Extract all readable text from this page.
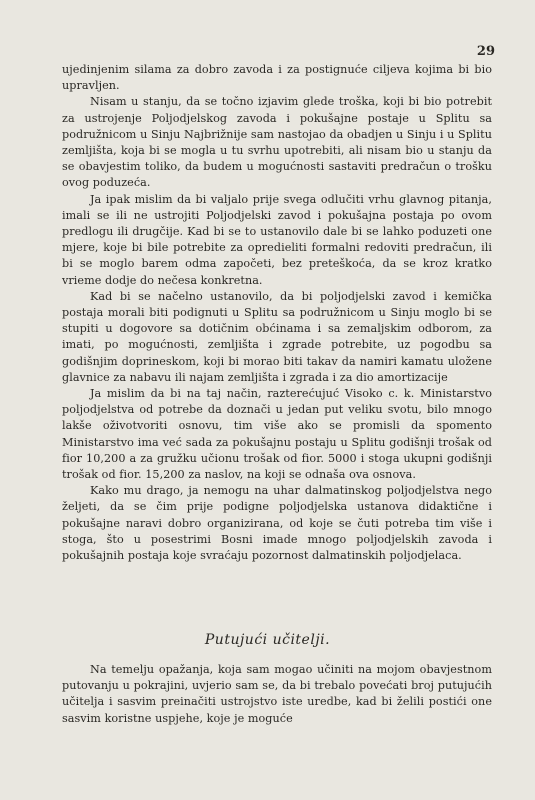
29

ujedinjenim silama za dobro zavoda i za postignuće ciljeva kojima bi bio upravljen.

Nisam u stanju, da se točno izjavim glede troška, koji bi bio potrebit za ustrojenje Poljodjelskog zavoda i pokušajne postaje u Splitu sa podružnicom u Sinju Najbrižnije sam nastojao da obadjen u Sinju i u Splitu zemljišta, koja bi se mogla u tu svrhu upotrebiti, ali nisam bio u stanju da se obavjestim toliko, da budem u mogućnosti sastaviti predračun o trošku ovog poduzeća.

Ja ipak mislim da bi valjalo prije svega odlučiti vrhu glavnog pitanja, imali se ili ne ustrojiti Poljodjelski zavod i pokušajna postaja po ovom predlogu ili drugčije. Kad bi se to ustanovilo dale bi se lahko poduzeti one mjere, koje bi bile potrebite za opredieliti formalni redoviti predračun, ili bi se moglo barem odma započeti, bez preteškoća, da se kroz kratko vrieme dodje do nečesa konkretna.

Kad bi se načelno ustanovilo, da bi poljodjelski zavod i kemička postaja morali biti podignuti u Splitu sa podružnicom u Sinju moglo bi se stupiti u dogovore sa dotičnim obćinama i sa zemaljskim odborom, za imati, po mogućnosti, zemljišta i zgrade potrebite, uz pogodbu sa godišnjim doprineskom, koji bi morao biti takav da namiri kamatu uložene glavnice za nabavu ili najam zemljišta i zgrada i za dio amortizacije

Ja mislim da bi na taj način, razterećujuć Visoko c. k. Ministarstvo poljodjelstva od potrebe da doznači u jedan put veliku svotu, bilo mnogo lakše oživotvoriti osnovu, tim više ako se promisli da spomento Ministarstvo ima već sada za pokušajnu postaju u Splitu godišnji trošak od fior 10,200 a za gružku učionu trošak od fior. 5000 i stoga ukupni godišnji trošak od fior. 15,200 za naslov, na koji se odnaša ova osnova.

Kako mu drago, ja nemogu na uhar dalmatinskog poljodjelstva nego željeti, da se čim prije podigne poljodjelska ustanova didaktične i pokušajne naravi dobro organizirana, od koje se čuti potreba tim više i stoga, što u posestrimi Bosni imade mnogo poljodjelskih zavoda i pokušajnih postaja koje svraćaju pozornost dalmatinskih poljodjelaca.

Putujući učitelji.

Na temelju opažanja, koja sam mogao učiniti na mojom obavjestnom putovanju u pokrajini, uvjerio sam se, da bi trebalo povećati broj putujućih učitelja i sasvim preinačiti ustrojstvo iste uredbe, kad bi želili postići one sasvim koristne uspjehe, koje je moguće
